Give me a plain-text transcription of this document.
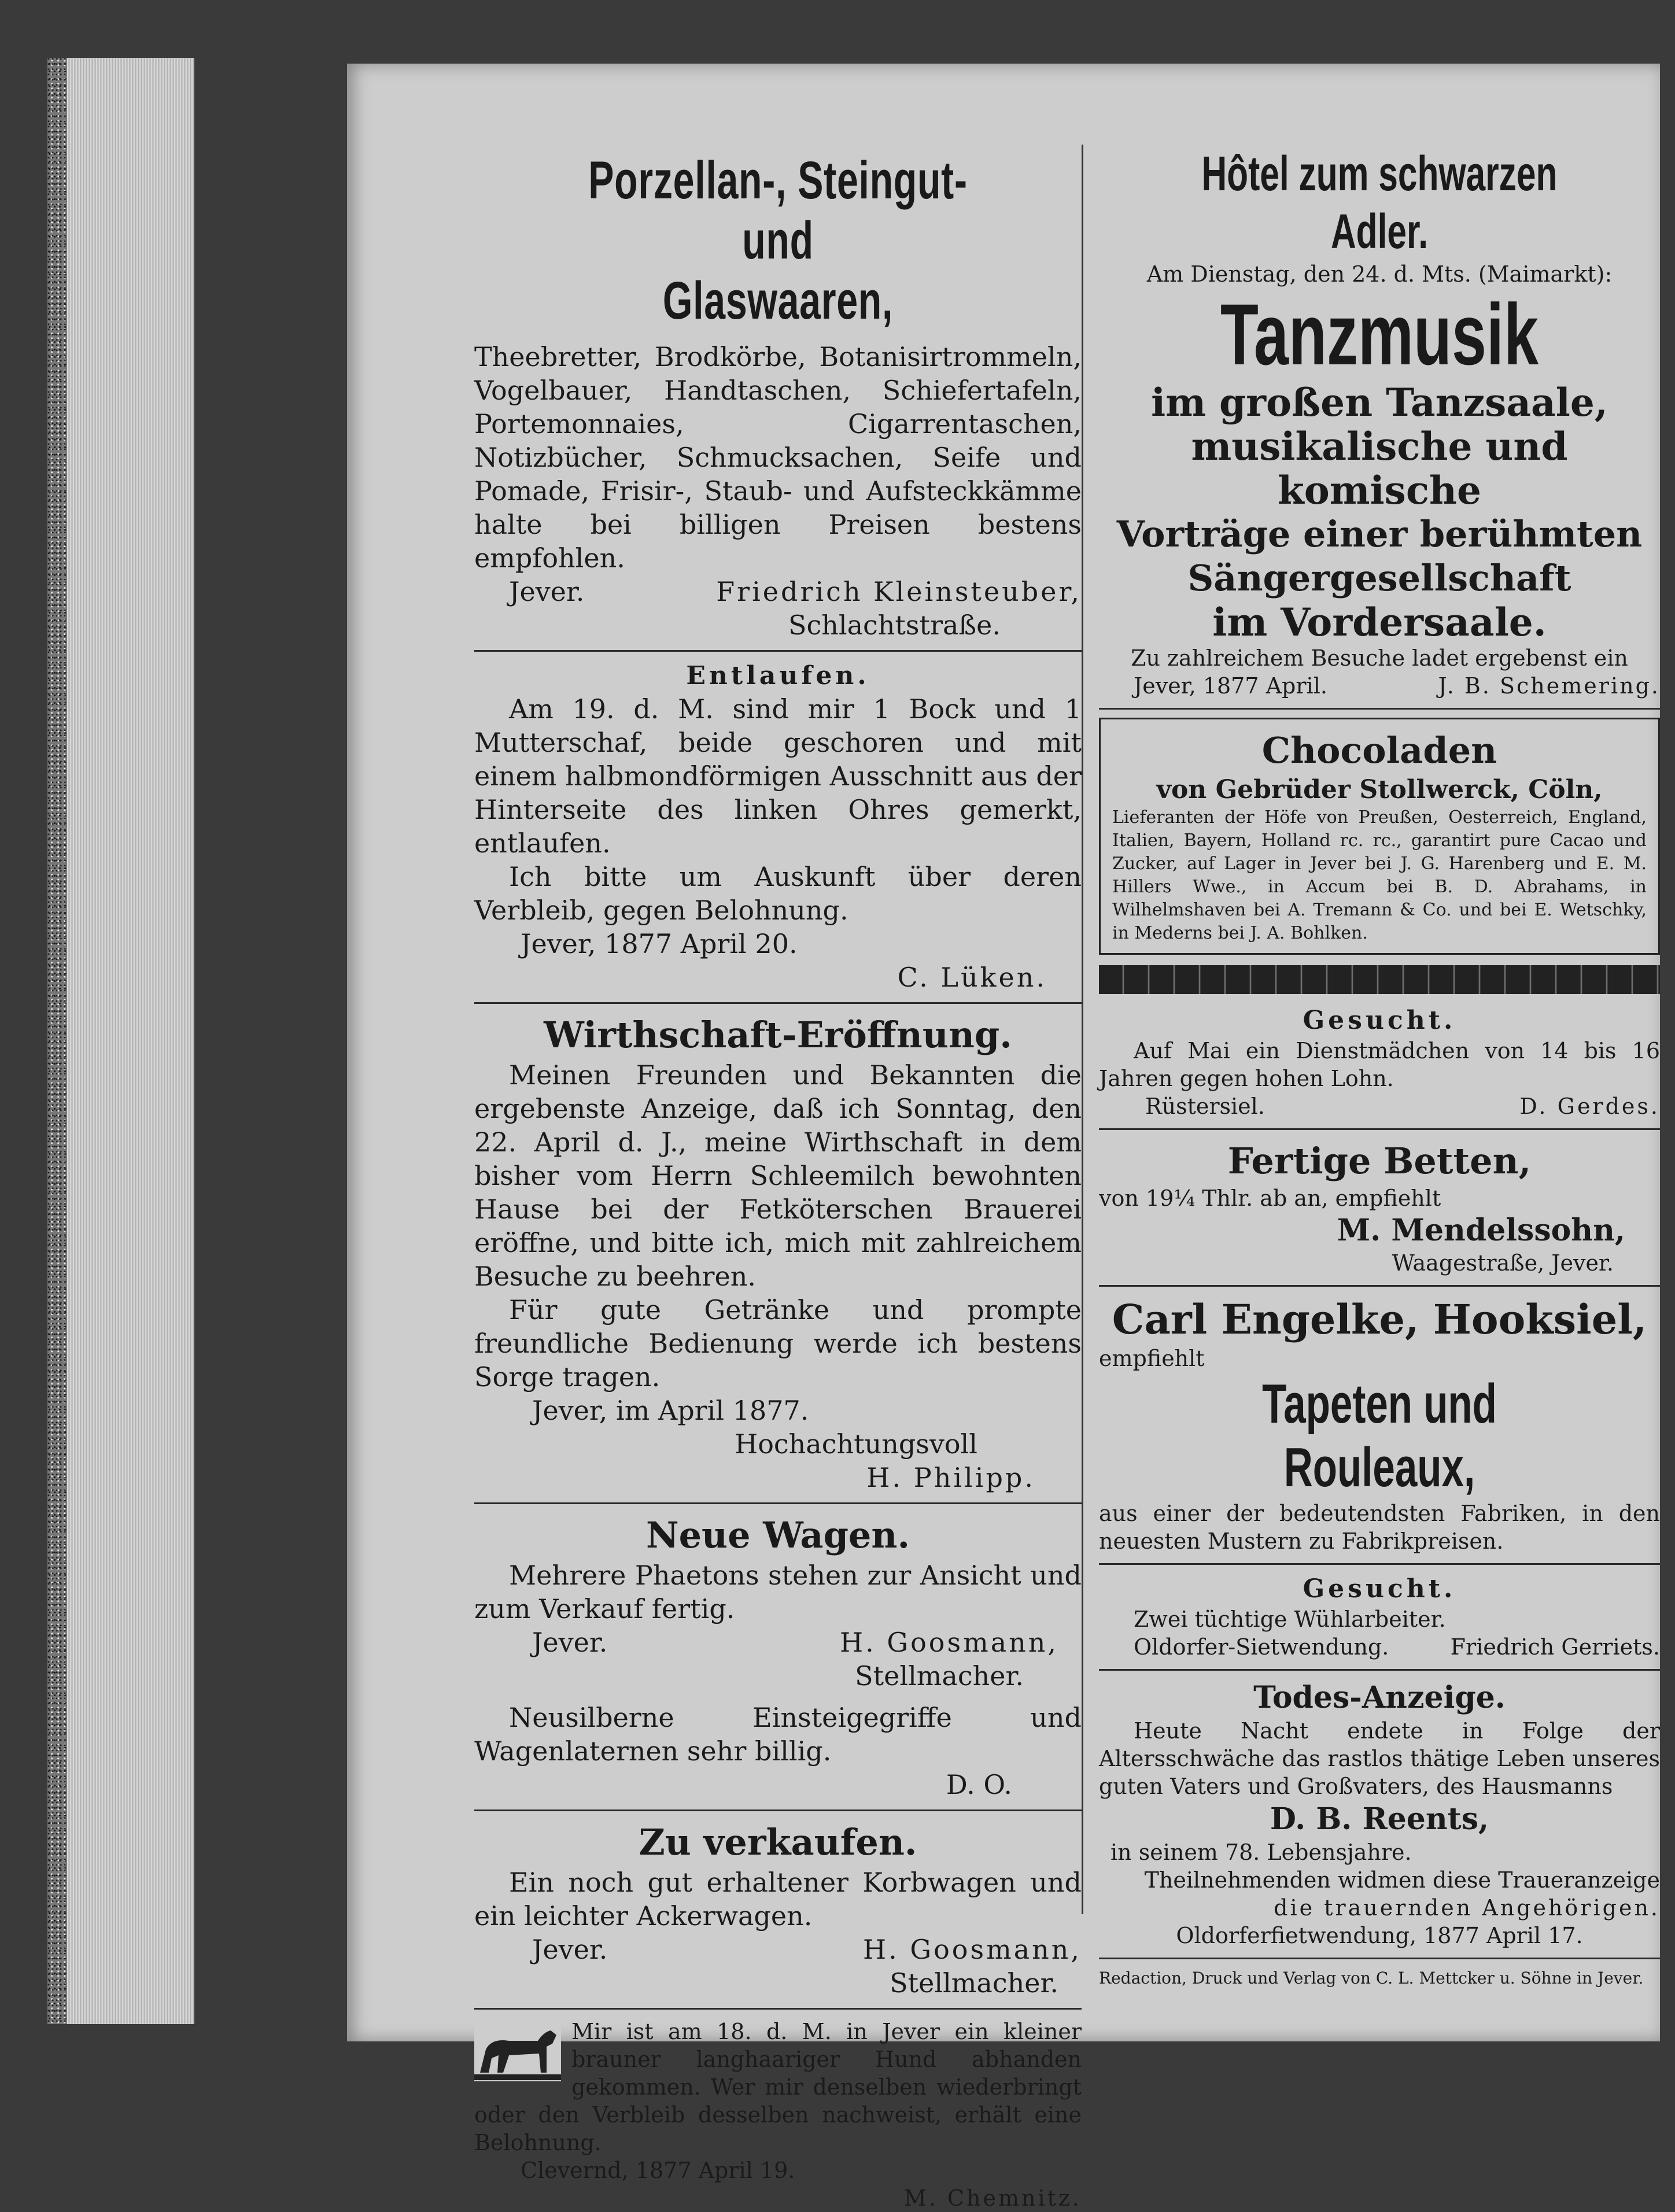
Porzellan-, Steingut- und
Glaswaaren,
Theebretter, Brodkörbe, Botanisirtrommeln, Vogelbauer, Handtaschen, Schiefertafeln, Portemonnaies, Cigarrentaschen, Notizbücher, Schmucksachen, Seife und Pomade, Frisir-, Staub- und Aufsteckkämme halte bei billigen Preisen bestens empfohlen.
Jever.	Friedrich Kleinsteuber,
Schlachtstraße.
Entlaufen.
Am 19. d. M. sind mir 1 Bock und 1 Mutterschaf, beide geschoren und mit einem halbmondförmigen Ausschnitt aus der Hinterseite des linken Ohres gemerkt, entlaufen.
Ich bitte um Auskunft über deren Verbleib, gegen Belohnung.
Jever, 1877 April 20.
C. Lüken.
Wirthschaft-Eröffnung.
Meinen Freunden und Bekannten die ergebenste Anzeige, daß ich Sonntag, den 22. April d. J., meine Wirthschaft in dem bisher vom Herrn Schleemilch bewohnten Hause bei der Fetköterschen Brauerei eröffne, und bitte ich, mich mit zahlreichem Besuche zu beehren.
Für gute Getränke und prompte freundliche Bedienung werde ich bestens Sorge tragen.
Jever, im April 1877.
Hochachtungsvoll
H. Philipp.
Neue Wagen.
Mehrere Phaetons stehen zur Ansicht und zum Verkauf fertig.
Jever.	H. Goosmann,
Stellmacher.
Neusilberne Einsteigegriffe und Wagenlaternen sehr billig.
D. O.
Zu verkaufen.
Ein noch gut erhaltener Korbwagen und ein leichter Ackerwagen.
Jever.	H. Goosmann,
Stellmacher.
Mir ist am 18. d. M. in Jever ein kleiner brauner langhaariger Hund abhanden gekommen. Wer mir denselben wiederbringt oder den Verbleib desselben nachweist, erhält eine Belohnung.
Clevernd, 1877 April 19.
M. Chemnitz.
Hôtel zum schwarzen Adler.
Am Dienstag, den 24. d. Mts. (Maimarkt):
Tanzmusik
im großen Tanzsaale,
musikalische und komische
Vorträge einer berühmten Sängergesellschaft
im Vordersaale.
Zu zahlreichem Besuche ladet ergebenst ein
Jever, 1877 April.	J. B. Schemering.
Chocoladen
von Gebrüder Stollwerck, Cöln,
Lieferanten der Höfe von Preußen, Oesterreich, England, Italien, Bayern, Holland rc. rc., garantirt pure Cacao und Zucker, auf Lager in Jever bei J. G. Harenberg und E. M. Hillers Wwe., in Accum bei B. D. Abrahams, in Wilhelmshaven bei A. Tremann & Co. und bei E. Wetschky, in Mederns bei J. A. Bohlken.
Gesucht.
Auf Mai ein Dienstmädchen von 14 bis 16 Jahren gegen hohen Lohn.
Rüstersiel.	D. Gerdes.
Fertige Betten,
von 19¼ Thlr. ab an, empfiehlt
M. Mendelssohn,
Waagestraße, Jever.
Carl Engelke, Hooksiel,
empfiehlt
Tapeten und Rouleaux,
aus einer der bedeutendsten Fabriken, in den neuesten Mustern zu Fabrikpreisen.
Gesucht.
Zwei tüchtige Wühlarbeiter.
Oldorfer-Sietwendung.	Friedrich Gerriets.
Todes-Anzeige.
Heute Nacht endete in Folge der Altersschwäche das rastlos thätige Leben unseres guten Vaters und Großvaters, des Hausmanns
D. B. Reents,
in seinem 78. Lebensjahre.
Theilnehmenden widmen diese Traueranzeige
die trauernden Angehörigen.
Oldorferfietwendung, 1877 April 17.
Redaction, Druck und Verlag von C. L. Mettcker u. Söhne in Jever.
